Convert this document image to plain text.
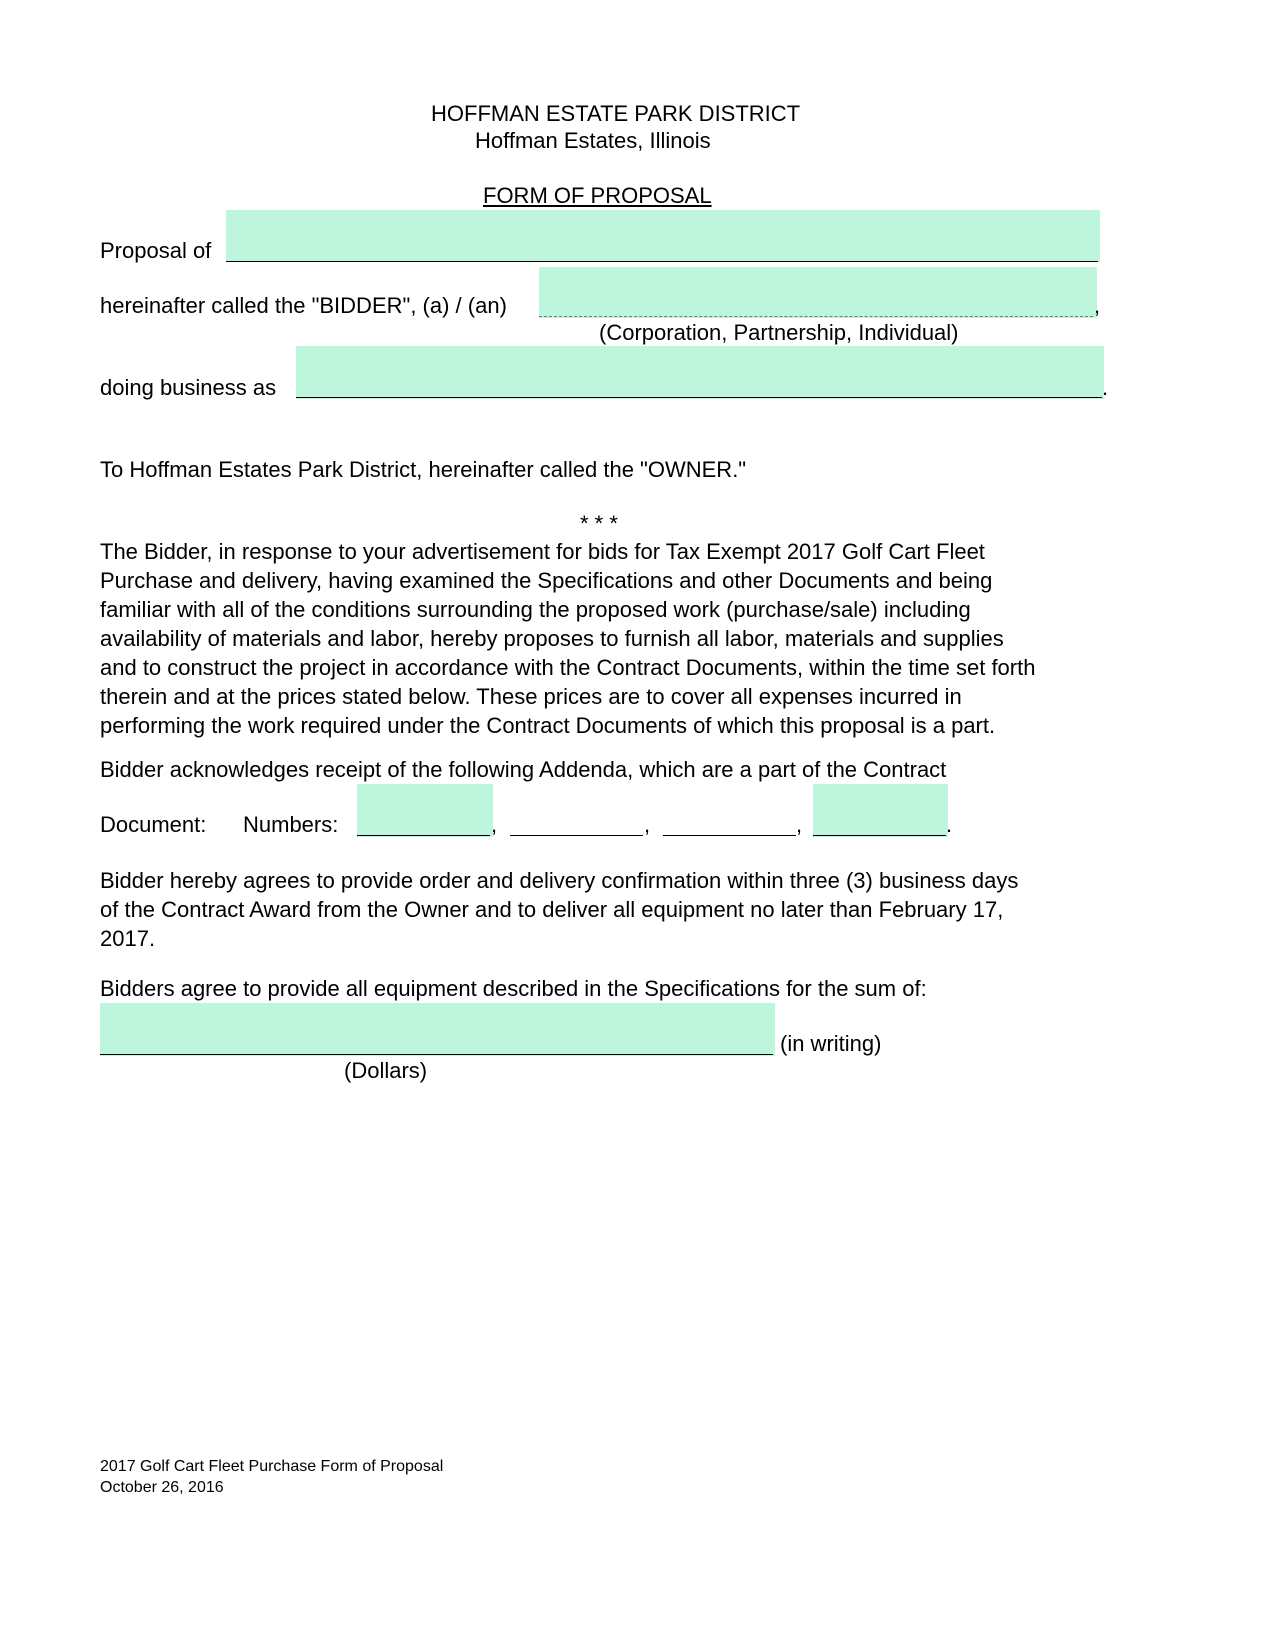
HOFFMAN ESTATE PARK DISTRICT
Hoffman Estates, Illinois
FORM OF PROPOSAL
Proposal of
hereinafter called the "BIDDER", (a) / (an)	,
(Corporation, Partnership, Individual)
doing business as	.
To Hoffman Estates Park District, hereinafter called the "OWNER."
* * *
The Bidder, in response to your advertisement for bids for Tax Exempt 2017 Golf Cart Fleet
Purchase and delivery, having examined the Specifications and other Documents and being
familiar with all of the conditions surrounding the proposed work (purchase/sale) including
availability of materials and labor, hereby proposes to furnish all labor, materials and supplies
and to construct the project in accordance with the Contract Documents, within the time set forth
therein and at the prices stated below. These prices are to cover all expenses incurred in
performing the work required under the Contract Documents of which this proposal is a part.
Bidder acknowledges receipt of the following Addenda, which are a part of the Contract
Document: Numbers:	,	,	,	.
Bidder hereby agrees to provide order and delivery confirmation within three (3) business days
of the Contract Award from the Owner and to deliver all equipment no later than February 17,
2017.
Bidders agree to provide all equipment described in the Specifications for the sum of:
(in writing)
(Dollars)
2017 Golf Cart Fleet Purchase Form of Proposal
October 26, 2016
